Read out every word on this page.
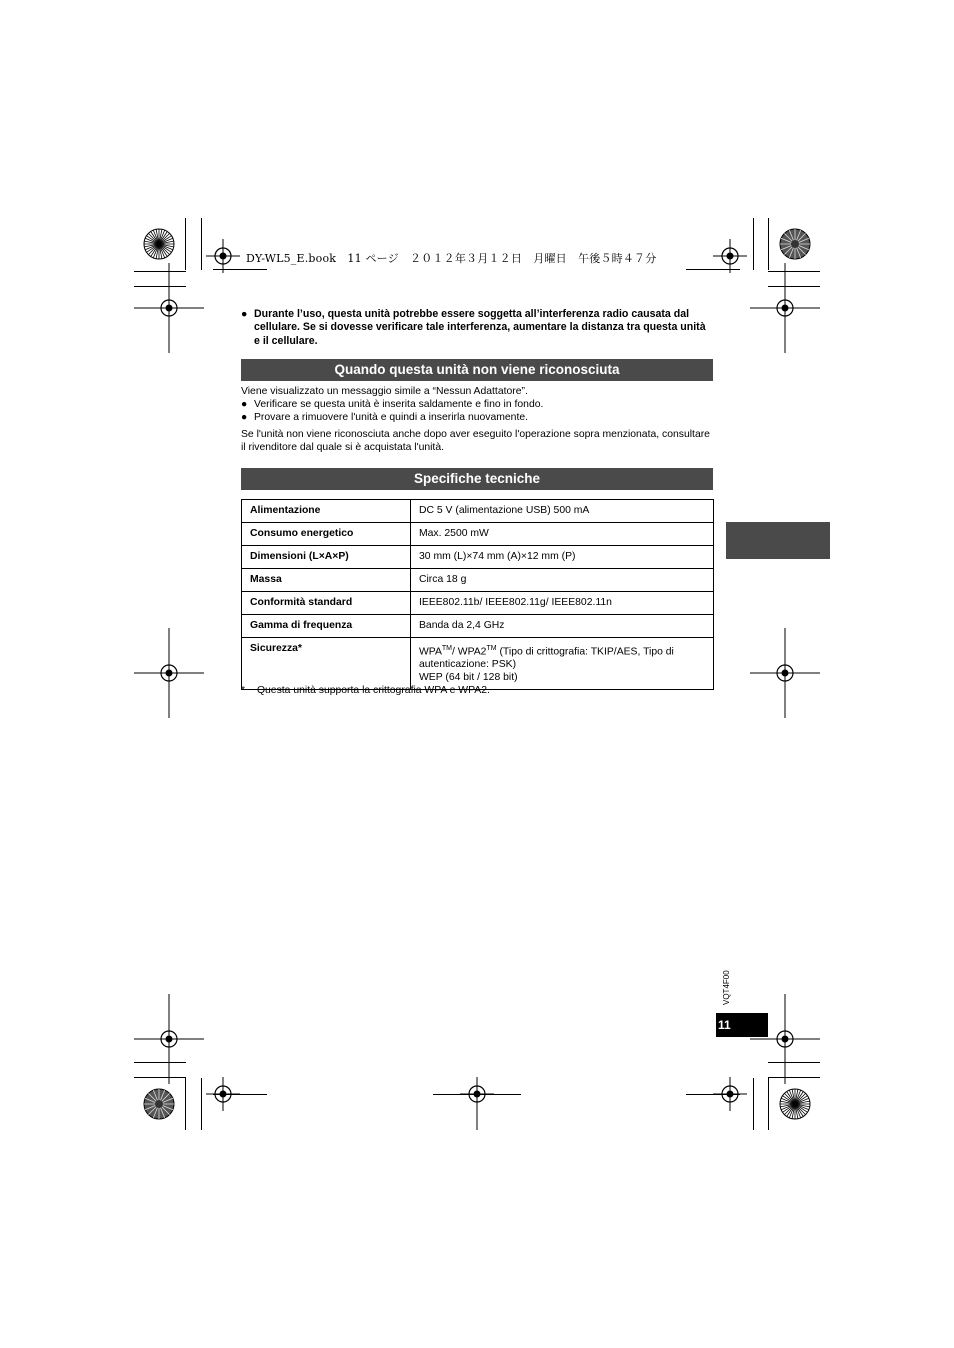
DY-WL5_E.book　11 ページ　２０１２年３月１２日　月曜日　午後５時４７分
● Durante l’uso, questa unità potrebbe essere soggetta all’interferenza radio causata dal cellulare. Se si dovesse verificare tale interferenza, aumentare la distanza tra questa unità e il cellulare.
Quando questa unità non viene riconosciuta
Viene visualizzato un messaggio simile a “Nessun Adattatore”.
● Verificare se questa unità è inserita saldamente e fino in fondo.
● Provare a rimuovere l'unità e quindi a inserirla nuovamente.
Se l'unità non viene riconosciuta anche dopo aver eseguito l'operazione sopra menzionata, consultare il rivenditore dal quale si è acquistata l'unità.
Specifiche tecniche
Alimentazione	DC 5 V (alimentazione USB) 500 mA
Consumo energetico	Max. 2500 mW
Dimensioni (L×A×P)	30 mm (L)×74 mm (A)×12 mm (P)
Massa	Circa 18 g
Conformità standard	IEEE802.11b/ IEEE802.11g/ IEEE802.11n
Gamma di frequenza	Banda da 2,4 GHz
Sicurezza*	WPA™/ WPA2™ (Tipo di crittografia: TKIP/AES, Tipo di autenticazione: PSK)
WEP (64 bit / 128 bit)
* Questa unità supporta la crittografia WPA e WPA2.
VQT4F00
11
